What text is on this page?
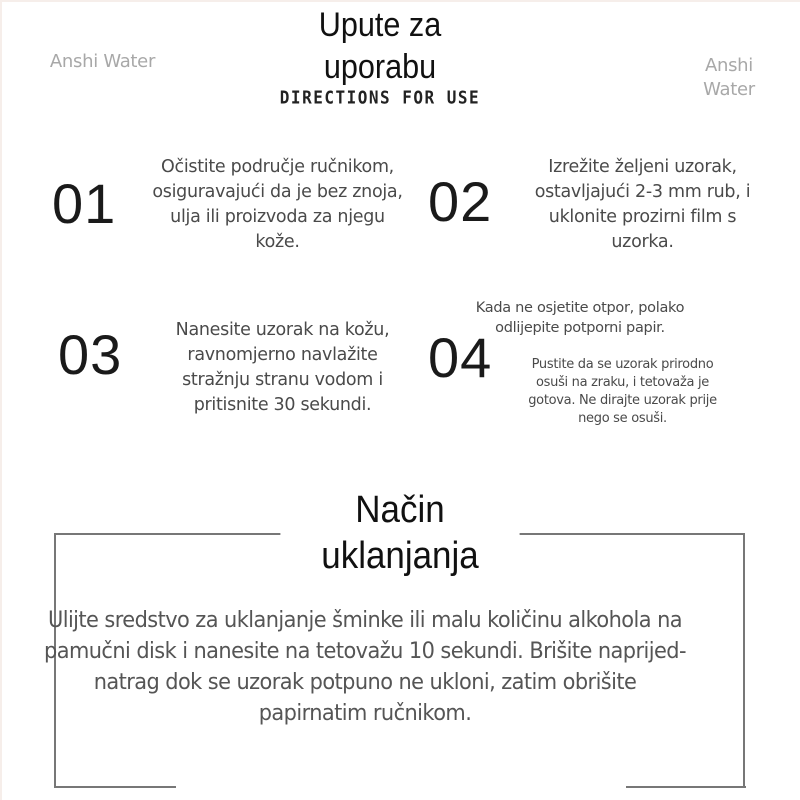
Anshi Water	Anshi Water
Upute za uporabu
DIRECTIONS FOR USE
01
Očistite područje ručnikom, osiguravajući da je bez znoja, ulja ili proizvoda za njegu kože.
02
Izrežite željeni uzorak, ostavljajući 2-3 mm rub, i uklonite prozirni film s uzorka.
03	Nanesite uzorak na kožu, ravnomjerno navlažite stražnju stranu vodom i pritisnite 30 sekundi.
04
Kada ne osjetite otpor, polako odlijepite potporni papir.
Pustite da se uzorak prirodno osuši na zraku, i tetovaža je gotova. Ne dirajte uzorak prije nego se osuši.
Način uklanjanja
Ulijte sredstvo za uklanjanje šminke ili malu količinu alkohola na pamučni disk i nanesite na tetovažu 10 sekundi. Brišite naprijed-natrag dok se uzorak potpuno ne ukloni, zatim obrišite papirnatim ručnikom.
